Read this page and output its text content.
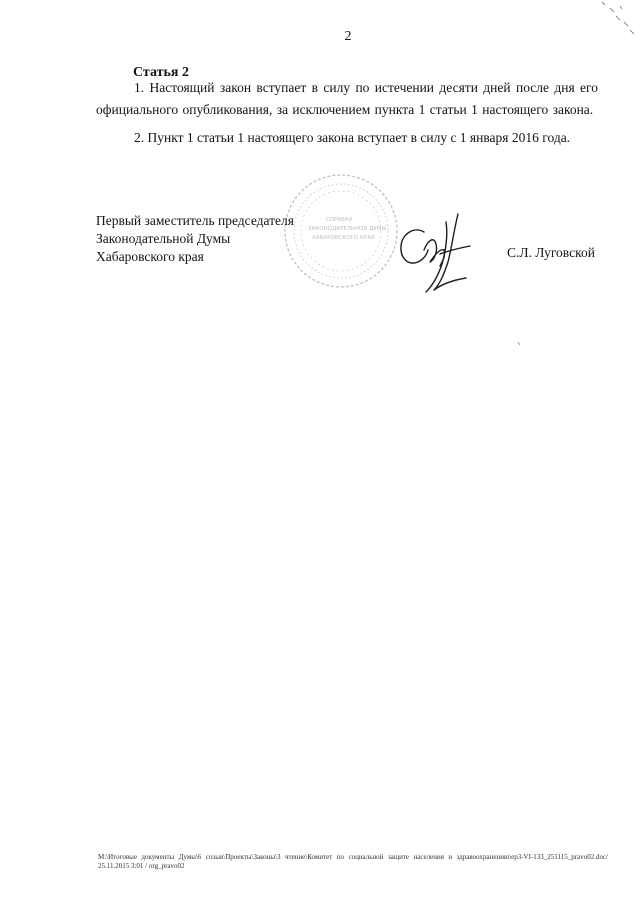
2
Статья 2
1. Настоящий закон вступает в силу по истечении десяти дней после дня его официального опубликования, за исключением пункта 1 статьи 1 настоящего закона.
2. Пункт 1 статьи 1 настоящего закона вступает в силу с 1 января 2016 года.
СПРАВКА
ЗАКОНОДАТЕЛЬНОЙ ДУМЫ
ХАБАРОВСКОГО КРАЯ
Первый заместитель председателя
Законодательной Думы
Хабаровского края	С.Л. Луговской
M:\Итоговые документы Думы\6 созыв\Проекты\Законы\3 чтение\Комитет по социальной защите населения и здравоохранению\ep3-VI-133_251115_pravo02.doc/ 25.11.2015 3:01 / org_pravo02
